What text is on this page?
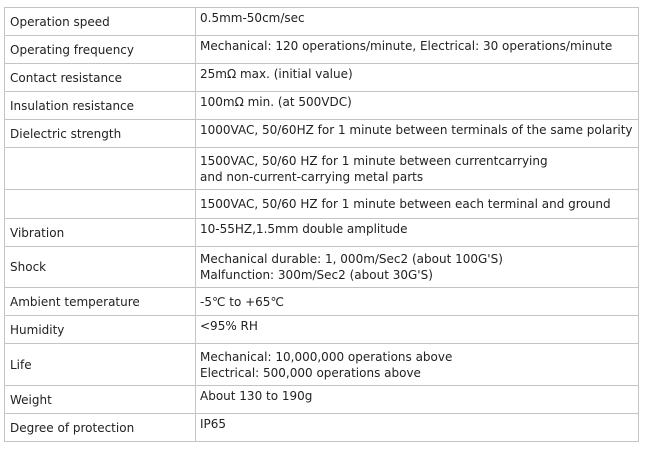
Operation speed	0.5mm-50cm/sec

Operating frequency	Mechanical: 120 operations/minute, Electrical: 30 operations/minute

Contact resistance	25mΩ max. (initial value)

Insulation resistance	100mΩ min. (at 500VDC)

Dielectric strength	1000VAC, 50/60HZ for 1 minute between terminals of the same polarity

	1500VAC, 50/60 HZ for 1 minute between currentcarrying
and non-current-carrying metal parts

	1500VAC, 50/60 HZ for 1 minute between each terminal and ground

Vibration	10-55HZ,1.5mm double amplitude

Shock	Mechanical durable: 1, 000m/Sec2 (about 100G'S)
Malfunction: 300m/Sec2 (about 30G'S)

Ambient temperature	-5℃ to +65℃

Humidity	<95% RH

Life	Mechanical: 10,000,000 operations above
Electrical: 500,000 operations above

Weight	About 130 to 190g

Degree of protection	IP65
